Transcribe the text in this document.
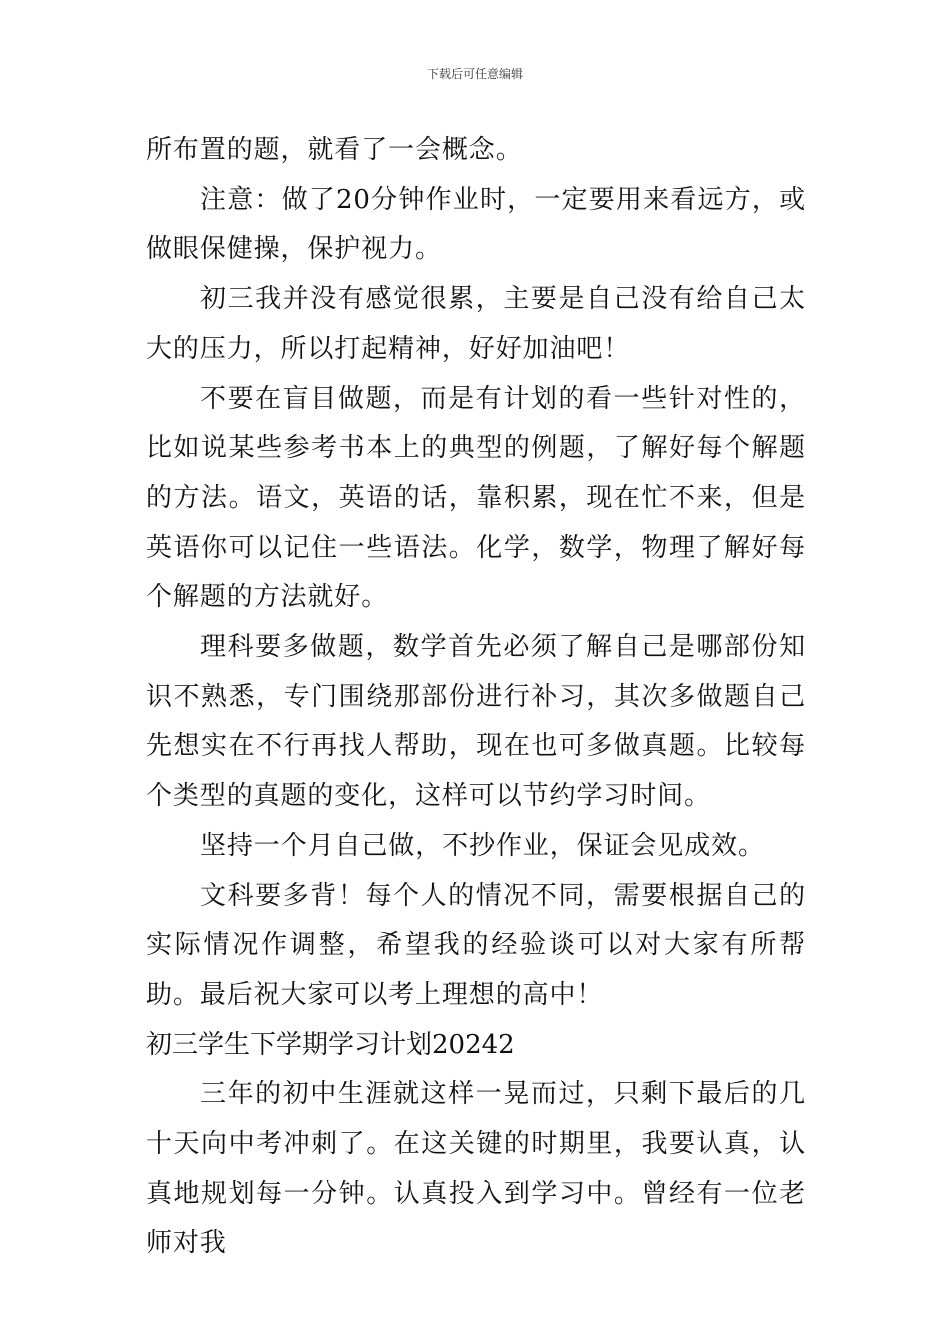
下载后可任意编辑

所布置的题，就看了一会概念。

注意：做了20分钟作业时，一定要用来看远方，或做眼保健操，保护视力。

初三我并没有感觉很累，主要是自己没有给自己太大的压力，所以打起精神，好好加油吧！

不要在盲目做题，而是有计划的看一些针对性的，比如说某些参考书本上的典型的例题，了解好每个解题的方法。语文，英语的话，靠积累，现在忙不来，但是英语你可以记住一些语法。化学，数学，物理了解好每个解题的方法就好。

理科要多做题，数学首先必须了解自己是哪部份知识不熟悉，专门围绕那部份进行补习，其次多做题自己先想实在不行再找人帮助，现在也可多做真题。比较每个类型的真题的变化，这样可以节约学习时间。

坚持一个月自己做，不抄作业，保证会见成效。

文科要多背！每个人的情况不同，需要根据自己的实际情况作调整，希望我的经验谈可以对大家有所帮助。最后祝大家可以考上理想的高中！

初三学生下学期学习计划20242

三年的初中生涯就这样一晃而过，只剩下最后的几十天向中考冲刺了。在这关键的时期里，我要认真，认真地规划每一分钟。认真投入到学习中。曾经有一位老师对我
